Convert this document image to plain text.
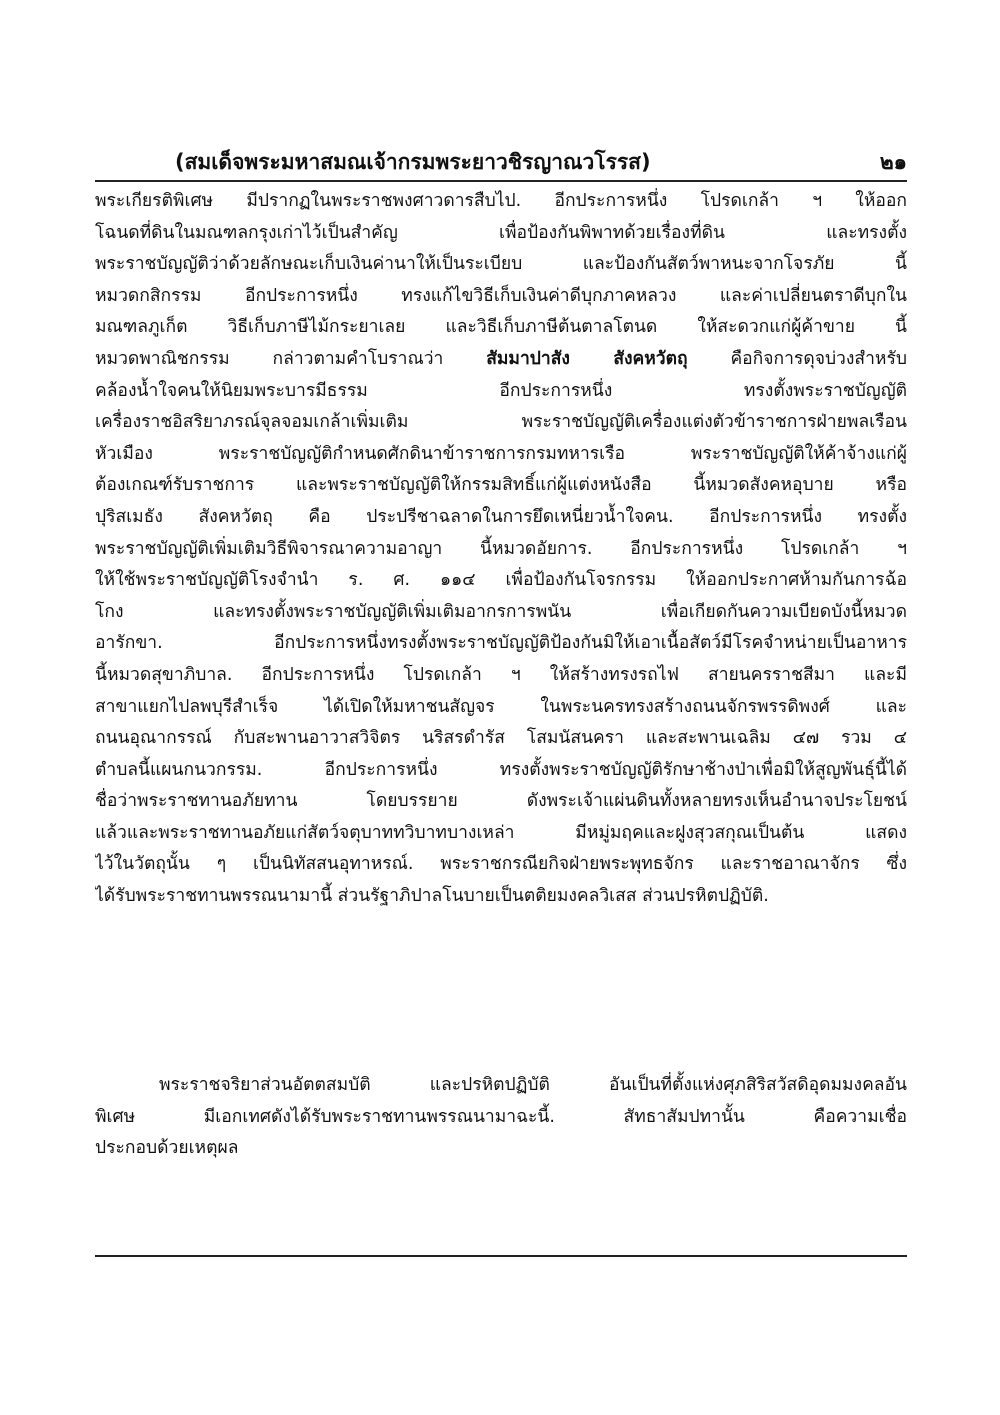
(สมเด็จพระมหาสมณเจ้ากรมพระยาวชิรญาณวโรรส)	๒๑
พระเกียรติพิเศษ มีปรากฏในพระราชพงศาวดารสืบไป. อีกประการหนึ่ง โปรดเกล้า ฯ ให้ออก
โฉนดที่ดินในมณฑลกรุงเก่าไว้เป็นสำคัญ เพื่อป้องกันพิพาทด้วยเรื่องที่ดิน และทรงตั้ง
พระราชบัญญัติว่าด้วยลักษณะเก็บเงินค่านาให้เป็นระเบียบ และป้องกันสัตว์พาหนะจากโจรภัย นี้
หมวดกสิกรรม อีกประการหนึ่ง ทรงแก้ไขวิธีเก็บเงินค่าดีบุกภาคหลวง และค่าเปลี่ยนตราดีบุกใน
มณฑลภูเก็ต วิธีเก็บภาษีไม้กระยาเลย และวิธีเก็บภาษีต้นตาลโตนด ให้สะดวกแก่ผู้ค้าขาย นี้
หมวดพาณิชกรรม กล่าวตามคำโบราณว่า สัมมาปาสัง สังคหวัตถุ คือกิจการดุจบ่วงสำหรับ
คล้องน้ำใจคนให้นิยมพระบารมีธรรม อีกประการหนึ่ง ทรงตั้งพระราชบัญญัติ
เครื่องราชอิสริยาภรณ์จุลจอมเกล้าเพิ่มเติม พระราชบัญญัติเครื่องแต่งตัวข้าราชการฝ่ายพลเรือน
หัวเมือง พระราชบัญญัติกำหนดศักดินาข้าราชการกรมทหารเรือ พระราชบัญญัติให้ค้าจ้างแก่ผู้
ต้องเกณฑ์รับราชการ และพระราชบัญญัติให้กรรมสิทธิ์แก่ผู้แต่งหนังสือ นี้หมวดสังคหอุบาย หรือ
ปุริสเมธัง สังคหวัตถุ คือ ประปรีชาฉลาดในการยึดเหนี่ยวน้ำใจคน. อีกประการหนึ่ง ทรงตั้ง
พระราชบัญญัติเพิ่มเติมวิธีพิจารณาความอาญา นี้หมวดอัยการ. อีกประการหนึ่ง โปรดเกล้า ฯ
ให้ใช้พระราชบัญญัติโรงจำนำ ร. ศ. ๑๑๔ เพื่อป้องกันโจรกรรม ให้ออกประกาศห้ามกันการฉ้อ
โกง และทรงตั้งพระราชบัญญัติเพิ่มเติมอากรการพนัน เพื่อเกียดกันความเบียดบังนี้หมวด
อารักขา. อีกประการหนึ่งทรงตั้งพระราชบัญญัติป้องกันมิให้เอาเนื้อสัตว์มีโรคจำหน่ายเป็นอาหาร
นี้หมวดสุขาภิบาล. อีกประการหนึ่ง โปรดเกล้า ฯ ให้สร้างทรงรถไฟ สายนครราชสีมา และมี
สาขาแยกไปลพบุรีสำเร็จ ได้เปิดให้มหาชนสัญจร ในพระนครทรงสร้างถนนจักรพรรดิพงศ์ และ
ถนนอุณากรรณ์ กับสะพานอาวาสวิจิตร นริสรดำรัส โสมนัสนครา และสะพานเฉลิม ๔๗ รวม ๔
ตำบลนี้แผนกนวกรรม. อีกประการหนึ่ง ทรงตั้งพระราชบัญญัติรักษาช้างป่าเพื่อมิให้สูญพันธุ์นี้ได้
ชื่อว่าพระราชทานอภัยทาน โดยบรรยาย ดังพระเจ้าแผ่นดินทั้งหลายทรงเห็นอำนาจประโยชน์
แล้วและพระราชทานอภัยแก่สัตว์จตุบาททวิบาทบางเหล่า มีหมู่มฤคและฝูงสุวสกุณเป็นต้น แสดง
ไว้ในวัตถุนั้น ๆ เป็นนิทัสสนอุทาหรณ์. พระราชกรณียกิจฝ่ายพระพุทธจักร และราชอาณาจักร ซึ่ง
ได้รับพระราชทานพรรณนามานี้ ส่วนรัฐาภิปาลโนบายเป็นตติยมงคลวิเสส ส่วนปรหิตปฏิบัติ.
พระราชจริยาส่วนอัตตสมบัติ และปรหิตปฏิบัติ อันเป็นที่ตั้งแห่งศุภสิริสวัสดิอุดมมงคลอัน
พิเศษ มีเอกเทศดังได้รับพระราชทานพรรณนามาฉะนี้. สัทธาสัมปทานั้น คือความเชื่อ
ประกอบด้วยเหตุผล
